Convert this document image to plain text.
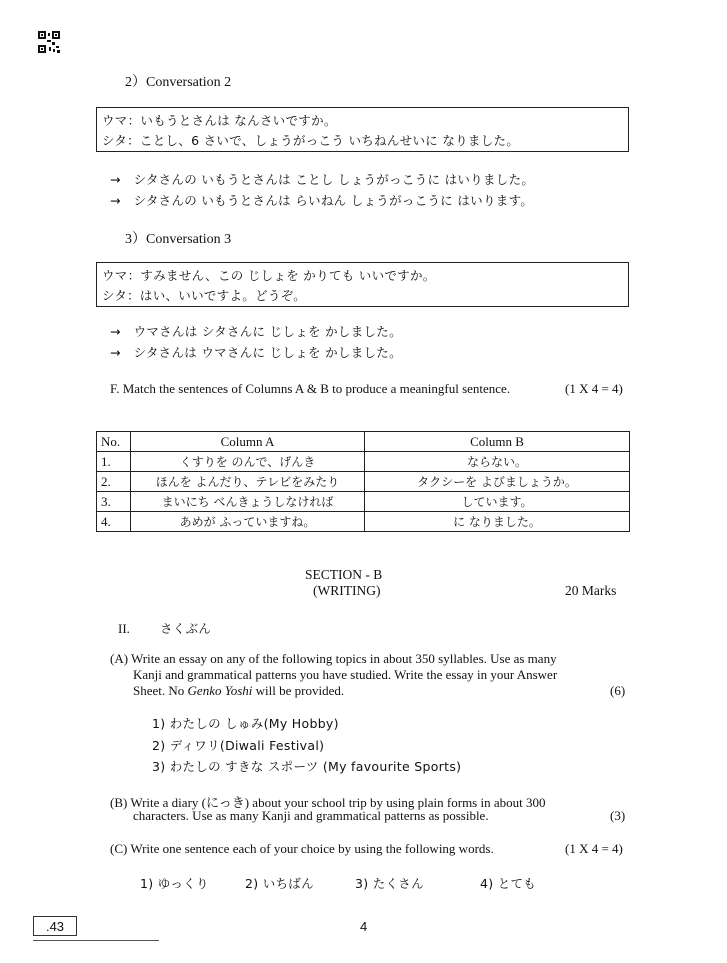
2）Conversation 2
ウマ：いもうとさんは なんさいですか。
シタ：ことし、6 さいで、しょうがっこう いちねんせいに なりました。
→　シタさんの いもうとさんは ことし しょうがっこうに はいりました。
→　シタさんの いもうとさんは らいねん しょうがっこうに はいります。
3）Conversation 3
ウマ：すみません、この じしょを かりても いいですか。
シタ：はい、いいですよ。どうぞ。
→　ウマさんは シタさんに じしょを かしました。
→　シタさんは ウマさんに じしょを かしました。
F. Match the sentences of Columns A & B to produce a meaningful sentence.	(1 X 4 = 4)
No.	Column A	Column B
1.	くすりを のんで、げんき	ならない。
2.	ほんを よんだり、テレビをみたり	タクシーを よびましょうか。
3.	まいにち べんきょうしなければ	しています。
4.	あめが ふっていますね。	に なりました。
SECTION - B
(WRITING)	20 Marks
II. さくぶん
(A) Write an essay on any of the following topics in about 350 syllables. Use as many
Kanji and grammatical patterns you have studied. Write the essay in your Answer
Sheet. No Genko Yoshi will be provided.	(6)
1) わたしの しゅみ(My Hobby)
2) ディワリ(Diwali Festival)
3) わたしの すきな スポーツ (My favourite Sports)
(B) Write a diary (にっき) about your school trip by using plain forms in about 300
characters. Use as many Kanji and grammatical patterns as possible.	(3)
(C) Write one sentence each of your choice by using the following words.	(1 X 4 = 4)
1) ゆっくり	2) いちばん	3) たくさん	4) とても
.43	4
